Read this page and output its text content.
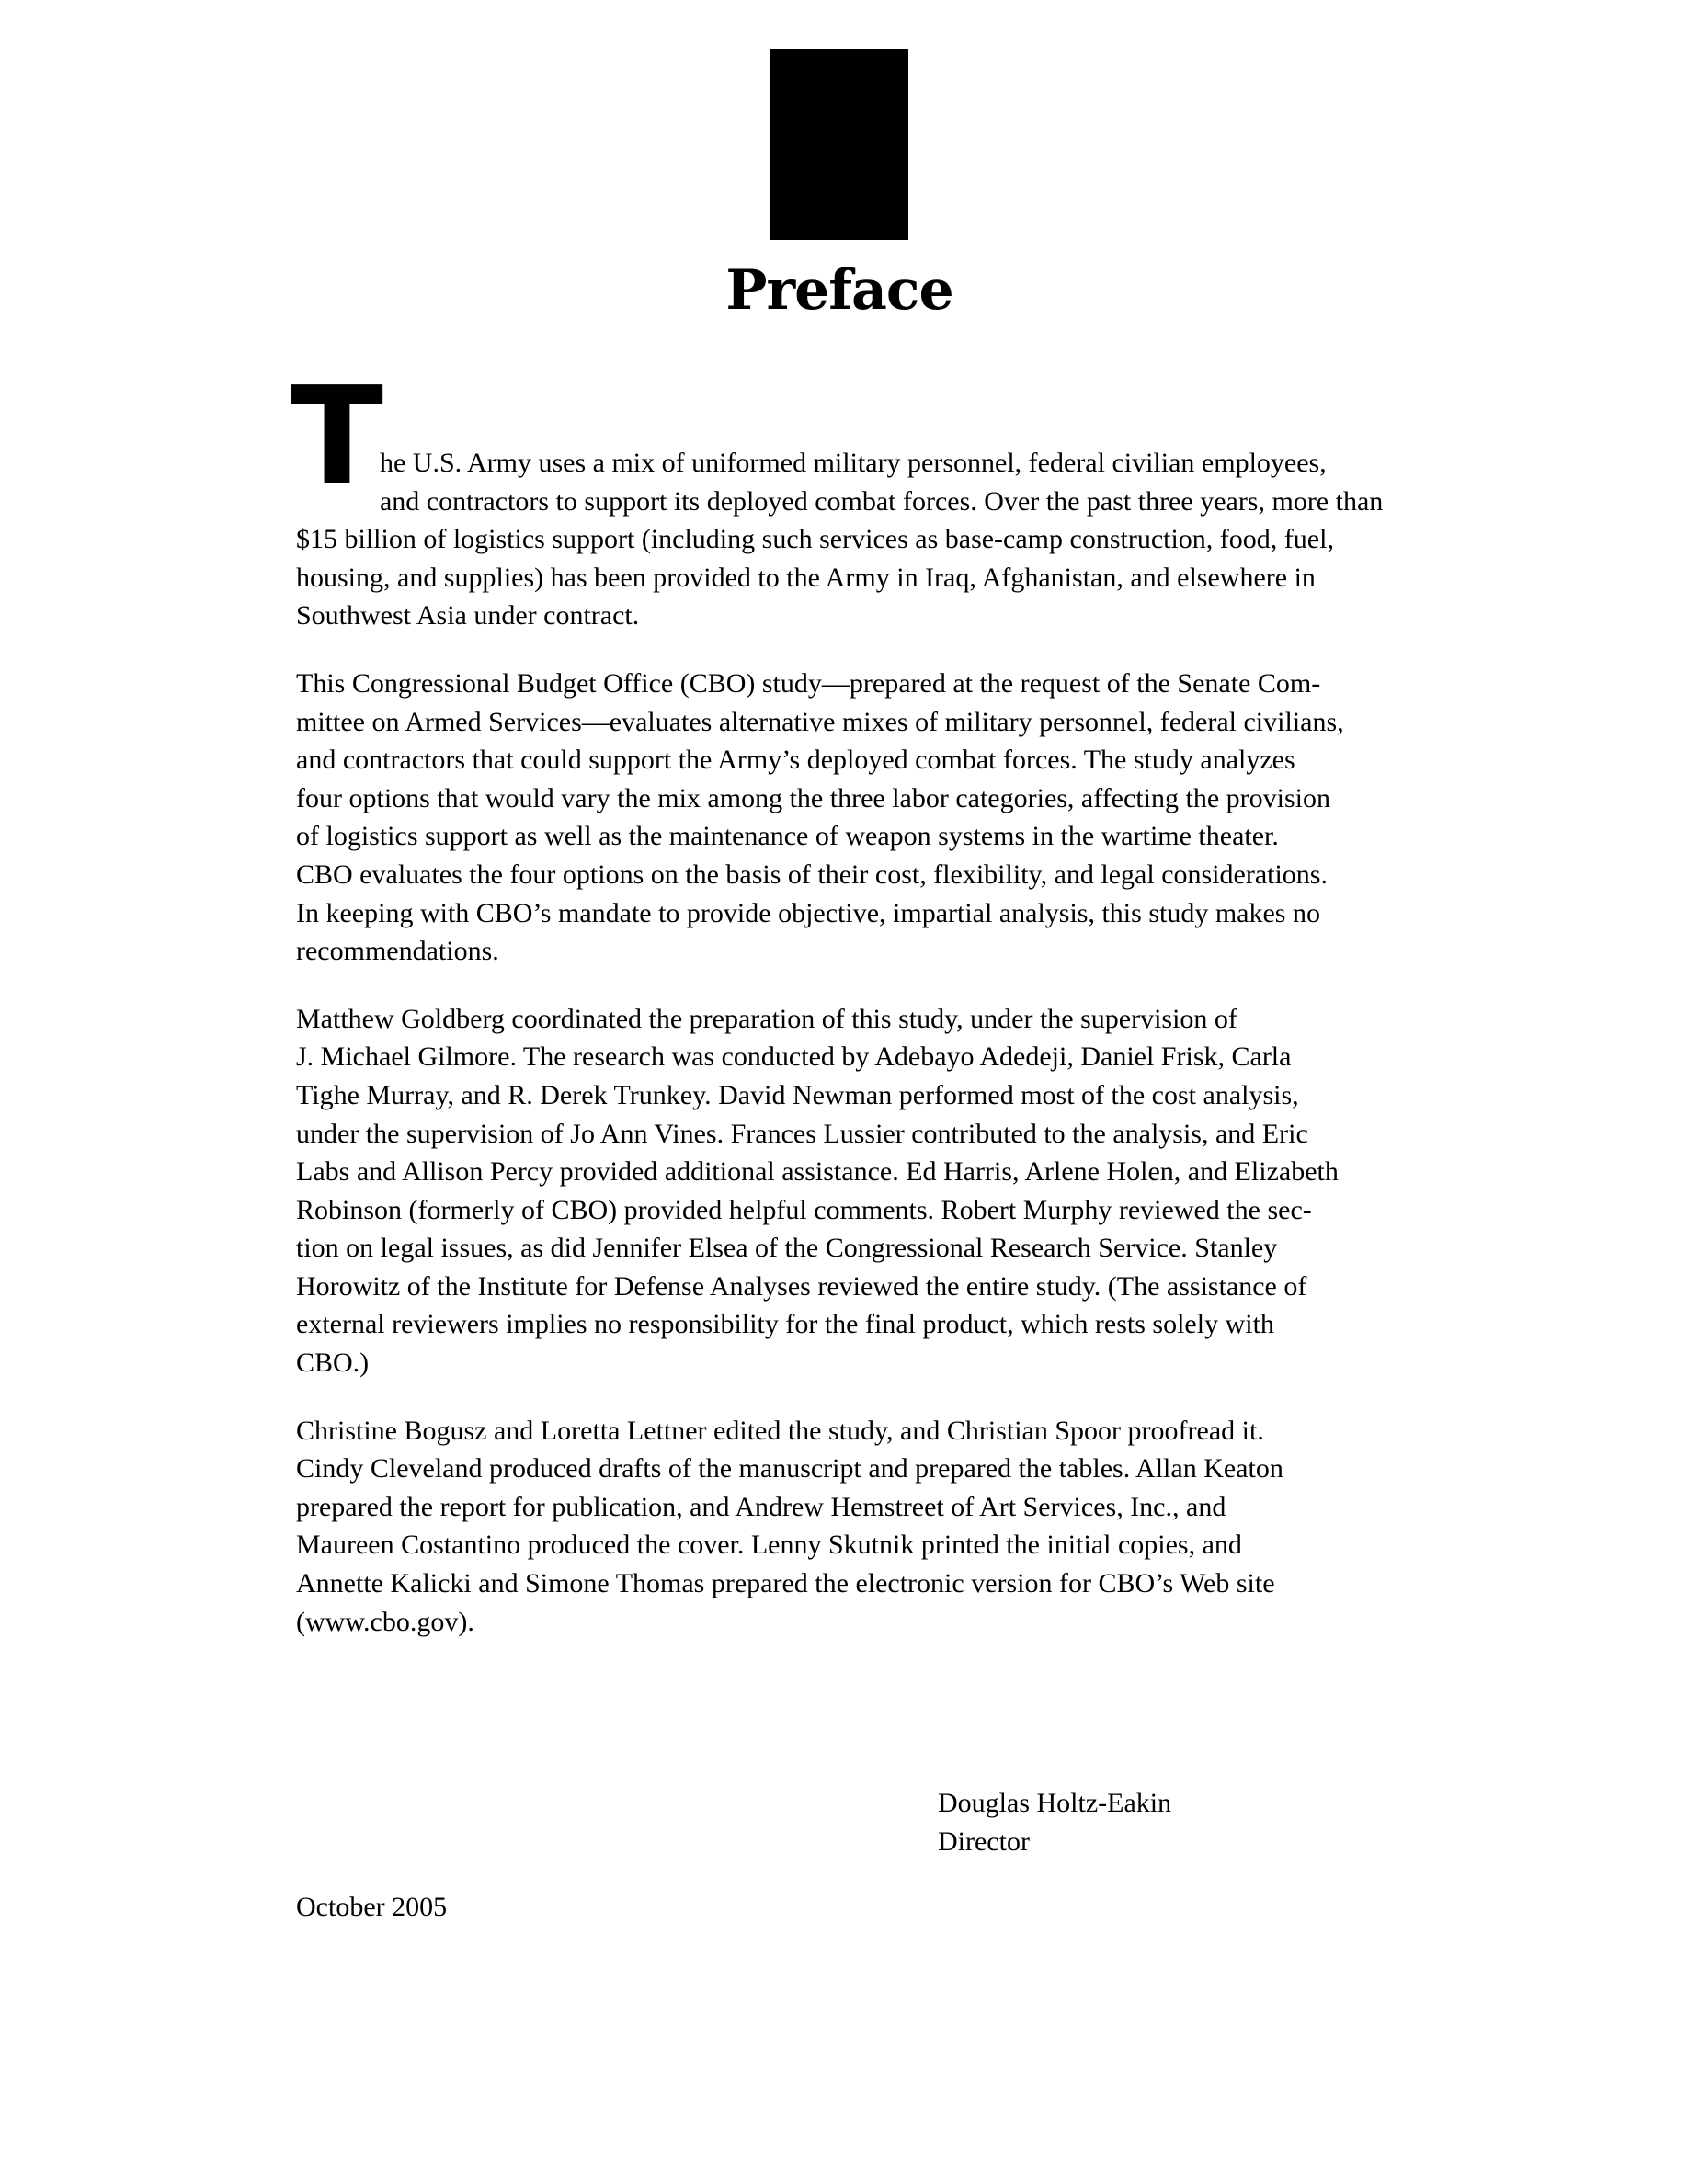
Preface
T he U.S. Army uses a mix of uniformed military personnel, federal civilian employees,
and contractors to support its deployed combat forces. Over the past three years, more than
$15 billion of logistics support (including such services as base-camp construction, food, fuel,
housing, and supplies) has been provided to the Army in Iraq, Afghanistan, and elsewhere in
Southwest Asia under contract.
This Congressional Budget Office (CBO) study—prepared at the request of the Senate Com-
mittee on Armed Services—evaluates alternative mixes of military personnel, federal civilians,
and contractors that could support the Army’s deployed combat forces. The study analyzes
four options that would vary the mix among the three labor categories, affecting the provision
of logistics support as well as the maintenance of weapon systems in the wartime theater.
CBO evaluates the four options on the basis of their cost, flexibility, and legal considerations.
In keeping with CBO’s mandate to provide objective, impartial analysis, this study makes no
recommendations.
Matthew Goldberg coordinated the preparation of this study, under the supervision of
J. Michael Gilmore. The research was conducted by Adebayo Adedeji, Daniel Frisk, Carla
Tighe Murray, and R. Derek Trunkey. David Newman performed most of the cost analysis,
under the supervision of Jo Ann Vines. Frances Lussier contributed to the analysis, and Eric
Labs and Allison Percy provided additional assistance. Ed Harris, Arlene Holen, and Elizabeth
Robinson (formerly of CBO) provided helpful comments. Robert Murphy reviewed the sec-
tion on legal issues, as did Jennifer Elsea of the Congressional Research Service. Stanley
Horowitz of the Institute for Defense Analyses reviewed the entire study. (The assistance of
external reviewers implies no responsibility for the final product, which rests solely with
CBO.)
Christine Bogusz and Loretta Lettner edited the study, and Christian Spoor proofread it.
Cindy Cleveland produced drafts of the manuscript and prepared the tables. Allan Keaton
prepared the report for publication, and Andrew Hemstreet of Art Services, Inc., and
Maureen Costantino produced the cover. Lenny Skutnik printed the initial copies, and
Annette Kalicki and Simone Thomas prepared the electronic version for CBO’s Web site
(www.cbo.gov).
Douglas Holtz-Eakin
Director
October 2005
